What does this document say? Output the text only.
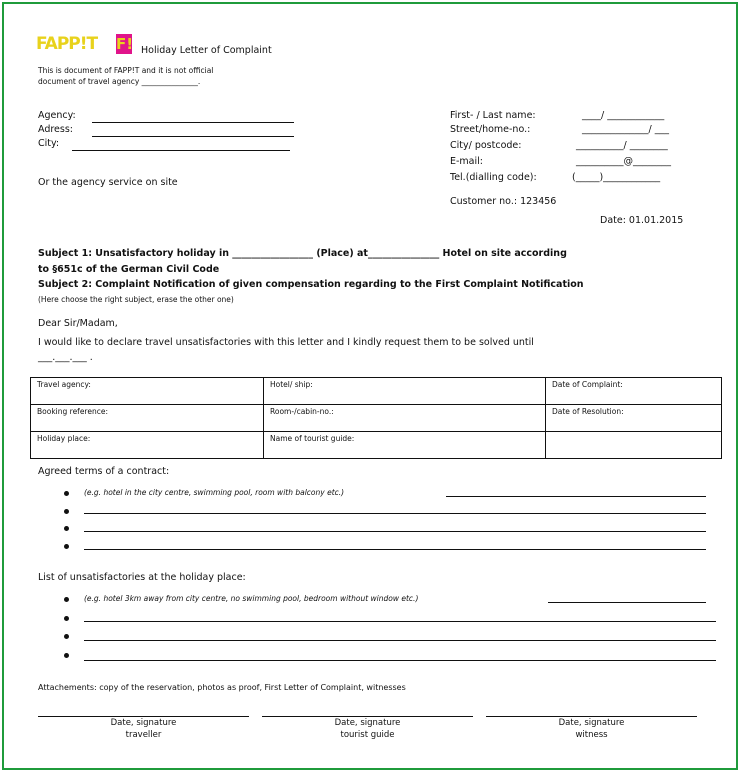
FAPP!T F! Holiday Letter of Complaint
This is document of FAPP!T and it is not official
document of travel agency _______________.
Agency:
Adress:
City:
Or the agency service on site
First- / Last name:	____/ ____________
Street/home-no.:	______________/ ___
City/ postcode:	__________/ ________
E-mail:	__________@________
Tel.(dialling code):	(_____)____________
Customer no.: 123456
Date: 01.01.2015
Subject 1: Unsatisfactory holiday in _________________ (Place) at_______________ Hotel on site according
to §651c of the German Civil Code
Subject 2: Complaint Notification of given compensation regarding to the First Complaint Notification
(Here choose the right subject, erase the other one)
Dear Sir/Madam,
I would like to declare travel unsatisfactories with this letter and I kindly request them to be solved until
___.___.___ .
Travel agency:	Hotel/ ship:	Date of Complaint:
Booking reference:	Room-/cabin-no.:	Date of Resolution:
Holiday place:	Name of tourist guide:	
Agreed terms of a contract:
(e.g. hotel in the city centre, swimming pool, room with balcony etc.)
List of unsatisfactories at the holiday place:
(e.g. hotel 3km away from city centre, no swimming pool, bedroom without window etc.)
Attachements: copy of the reservation, photos as proof, First Letter of Complaint, witnesses
Date, signature
traveller
Date, signature
tourist guide
Date, signature
witness
